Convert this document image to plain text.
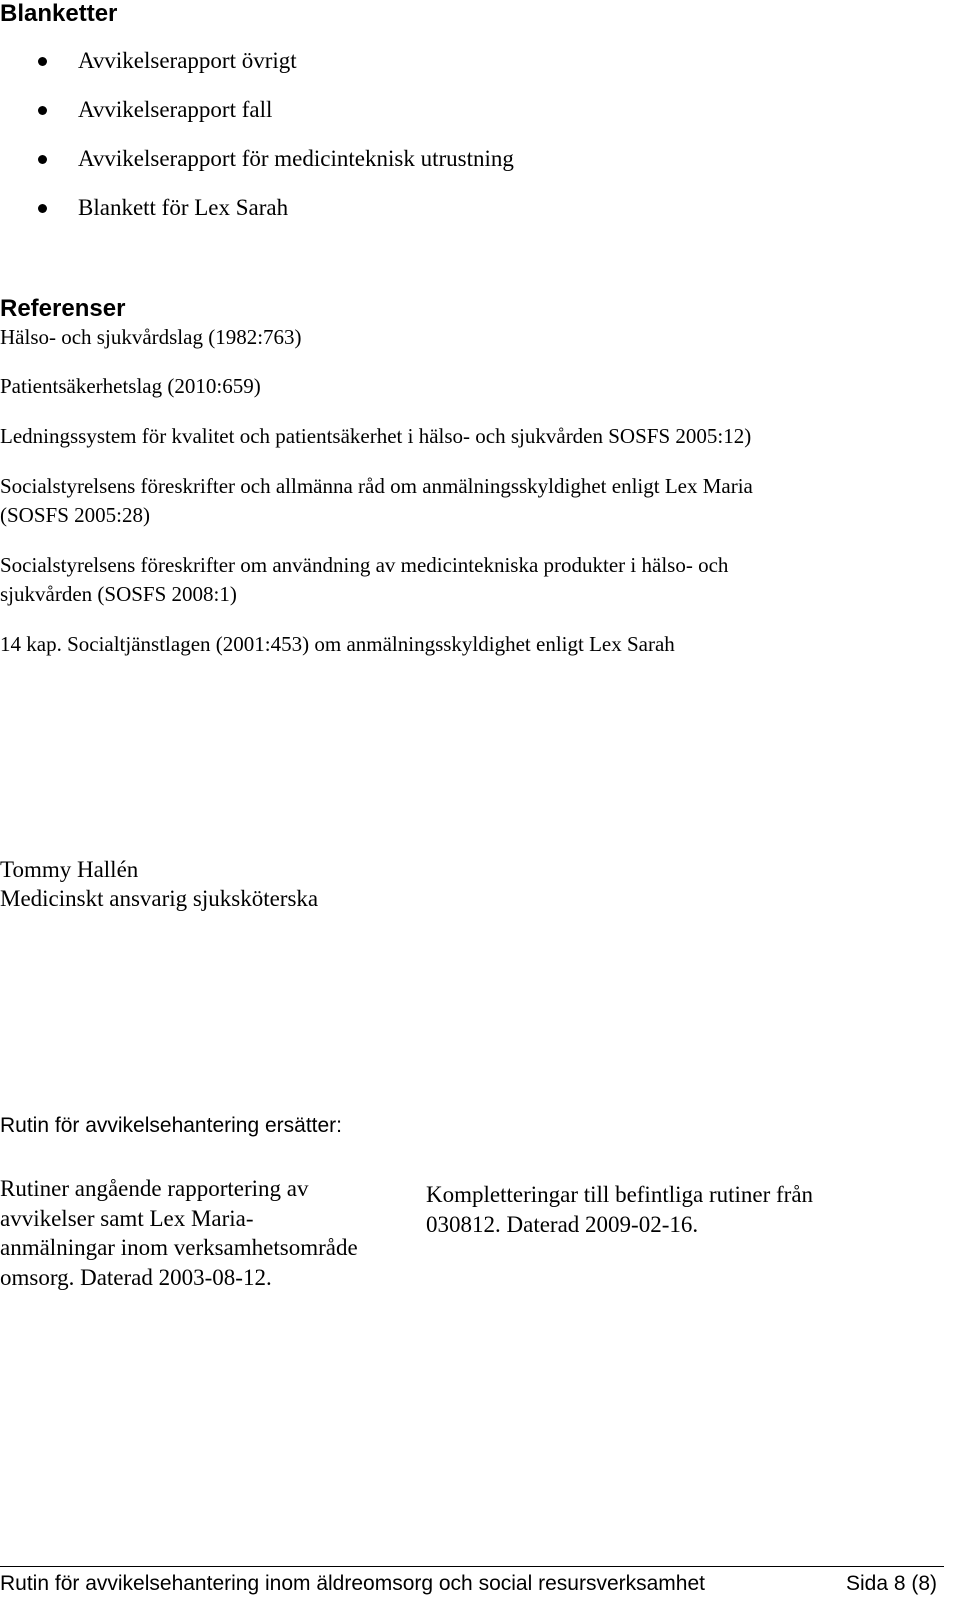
Blanketter
Avvikelserapport övrigt
Avvikelserapport fall
Avvikelserapport för medicinteknisk utrustning
Blankett för Lex Sarah
Referenser
Hälso- och sjukvårdslag (1982:763)
Patientsäkerhetslag (2010:659)
Ledningssystem för kvalitet och patientsäkerhet i hälso- och sjukvården SOSFS 2005:12)
Socialstyrelsens föreskrifter och allmänna råd om anmälningsskyldighet enligt Lex Maria
(SOSFS 2005:28)
Socialstyrelsens föreskrifter om användning av medicintekniska produkter i hälso- och
sjukvården (SOSFS 2008:1)
14 kap. Socialtjänstlagen (2001:453) om anmälningsskyldighet enligt Lex Sarah
Tommy Hallén
Medicinskt ansvarig sjuksköterska
Rutin för avvikelsehantering ersätter:
Rutiner angående rapportering av
avvikelser samt Lex Maria-
anmälningar inom verksamhetsområde
omsorg. Daterad 2003-08-12.
Kompletteringar till befintliga rutiner från
030812. Daterad 2009-02-16.
Rutin för avvikelsehantering inom äldreomsorg och social resursverksamhet	Sida 8 (8)
